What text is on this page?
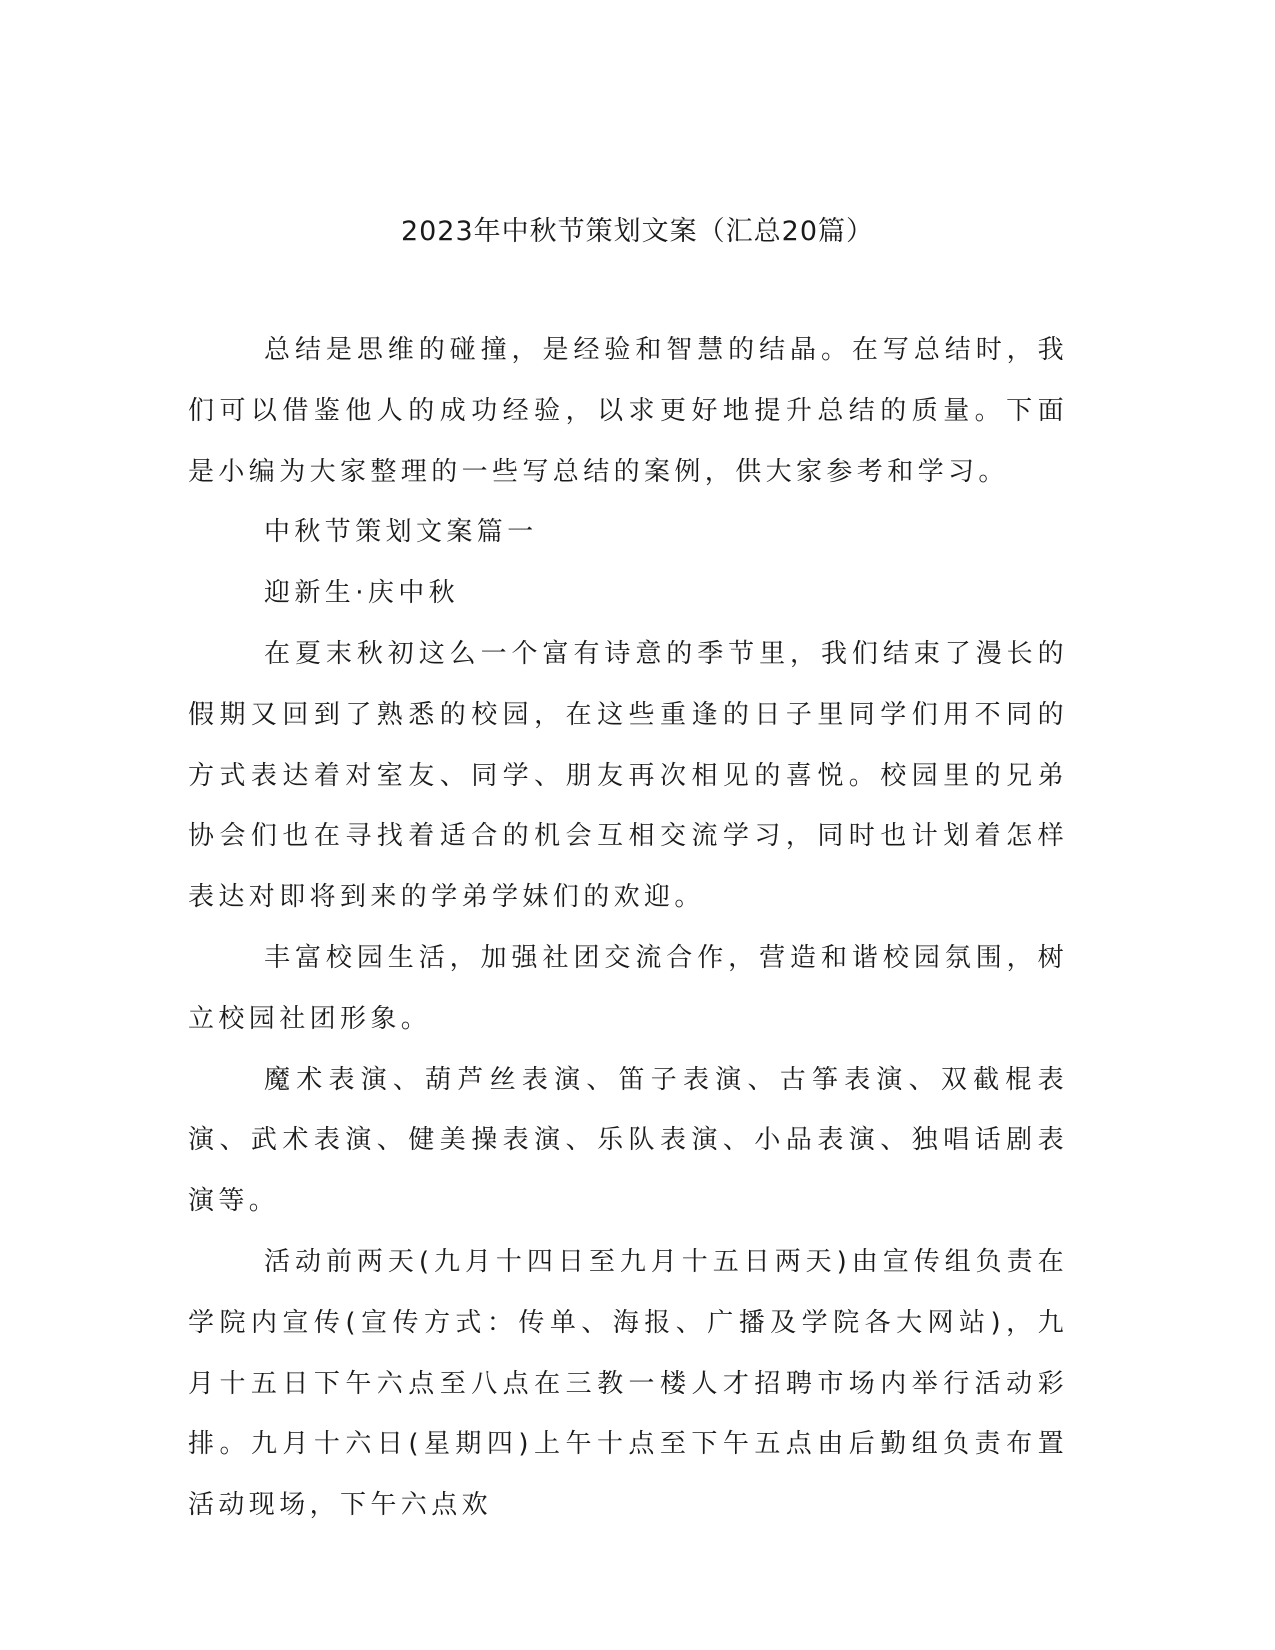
2023年中秋节策划文案（汇总20篇）

总结是思维的碰撞，是经验和智慧的结晶。在写总结时，我们可以借鉴他人的成功经验，以求更好地提升总结的质量。下面是小编为大家整理的一些写总结的案例，供大家参考和学习。

中秋节策划文案篇一

迎新生·庆中秋

在夏末秋初这么一个富有诗意的季节里，我们结束了漫长的假期又回到了熟悉的校园，在这些重逢的日子里同学们用不同的方式表达着对室友、同学、朋友再次相见的喜悦。校园里的兄弟协会们也在寻找着适合的机会互相交流学习，同时也计划着怎样表达对即将到来的学弟学妹们的欢迎。

丰富校园生活，加强社团交流合作，营造和谐校园氛围，树立校园社团形象。

魔术表演、葫芦丝表演、笛子表演、古筝表演、双截棍表演、武术表演、健美操表演、乐队表演、小品表演、独唱话剧表演等。

活动前两天(九月十四日至九月十五日两天)由宣传组负责在学院内宣传(宣传方式：传单、海报、广播及学院各大网站)，九月十五日下午六点至八点在三教一楼人才招聘市场内举行活动彩排。九月十六日(星期四)上午十点至下午五点由后勤组负责布置活动现场，下午六点欢
